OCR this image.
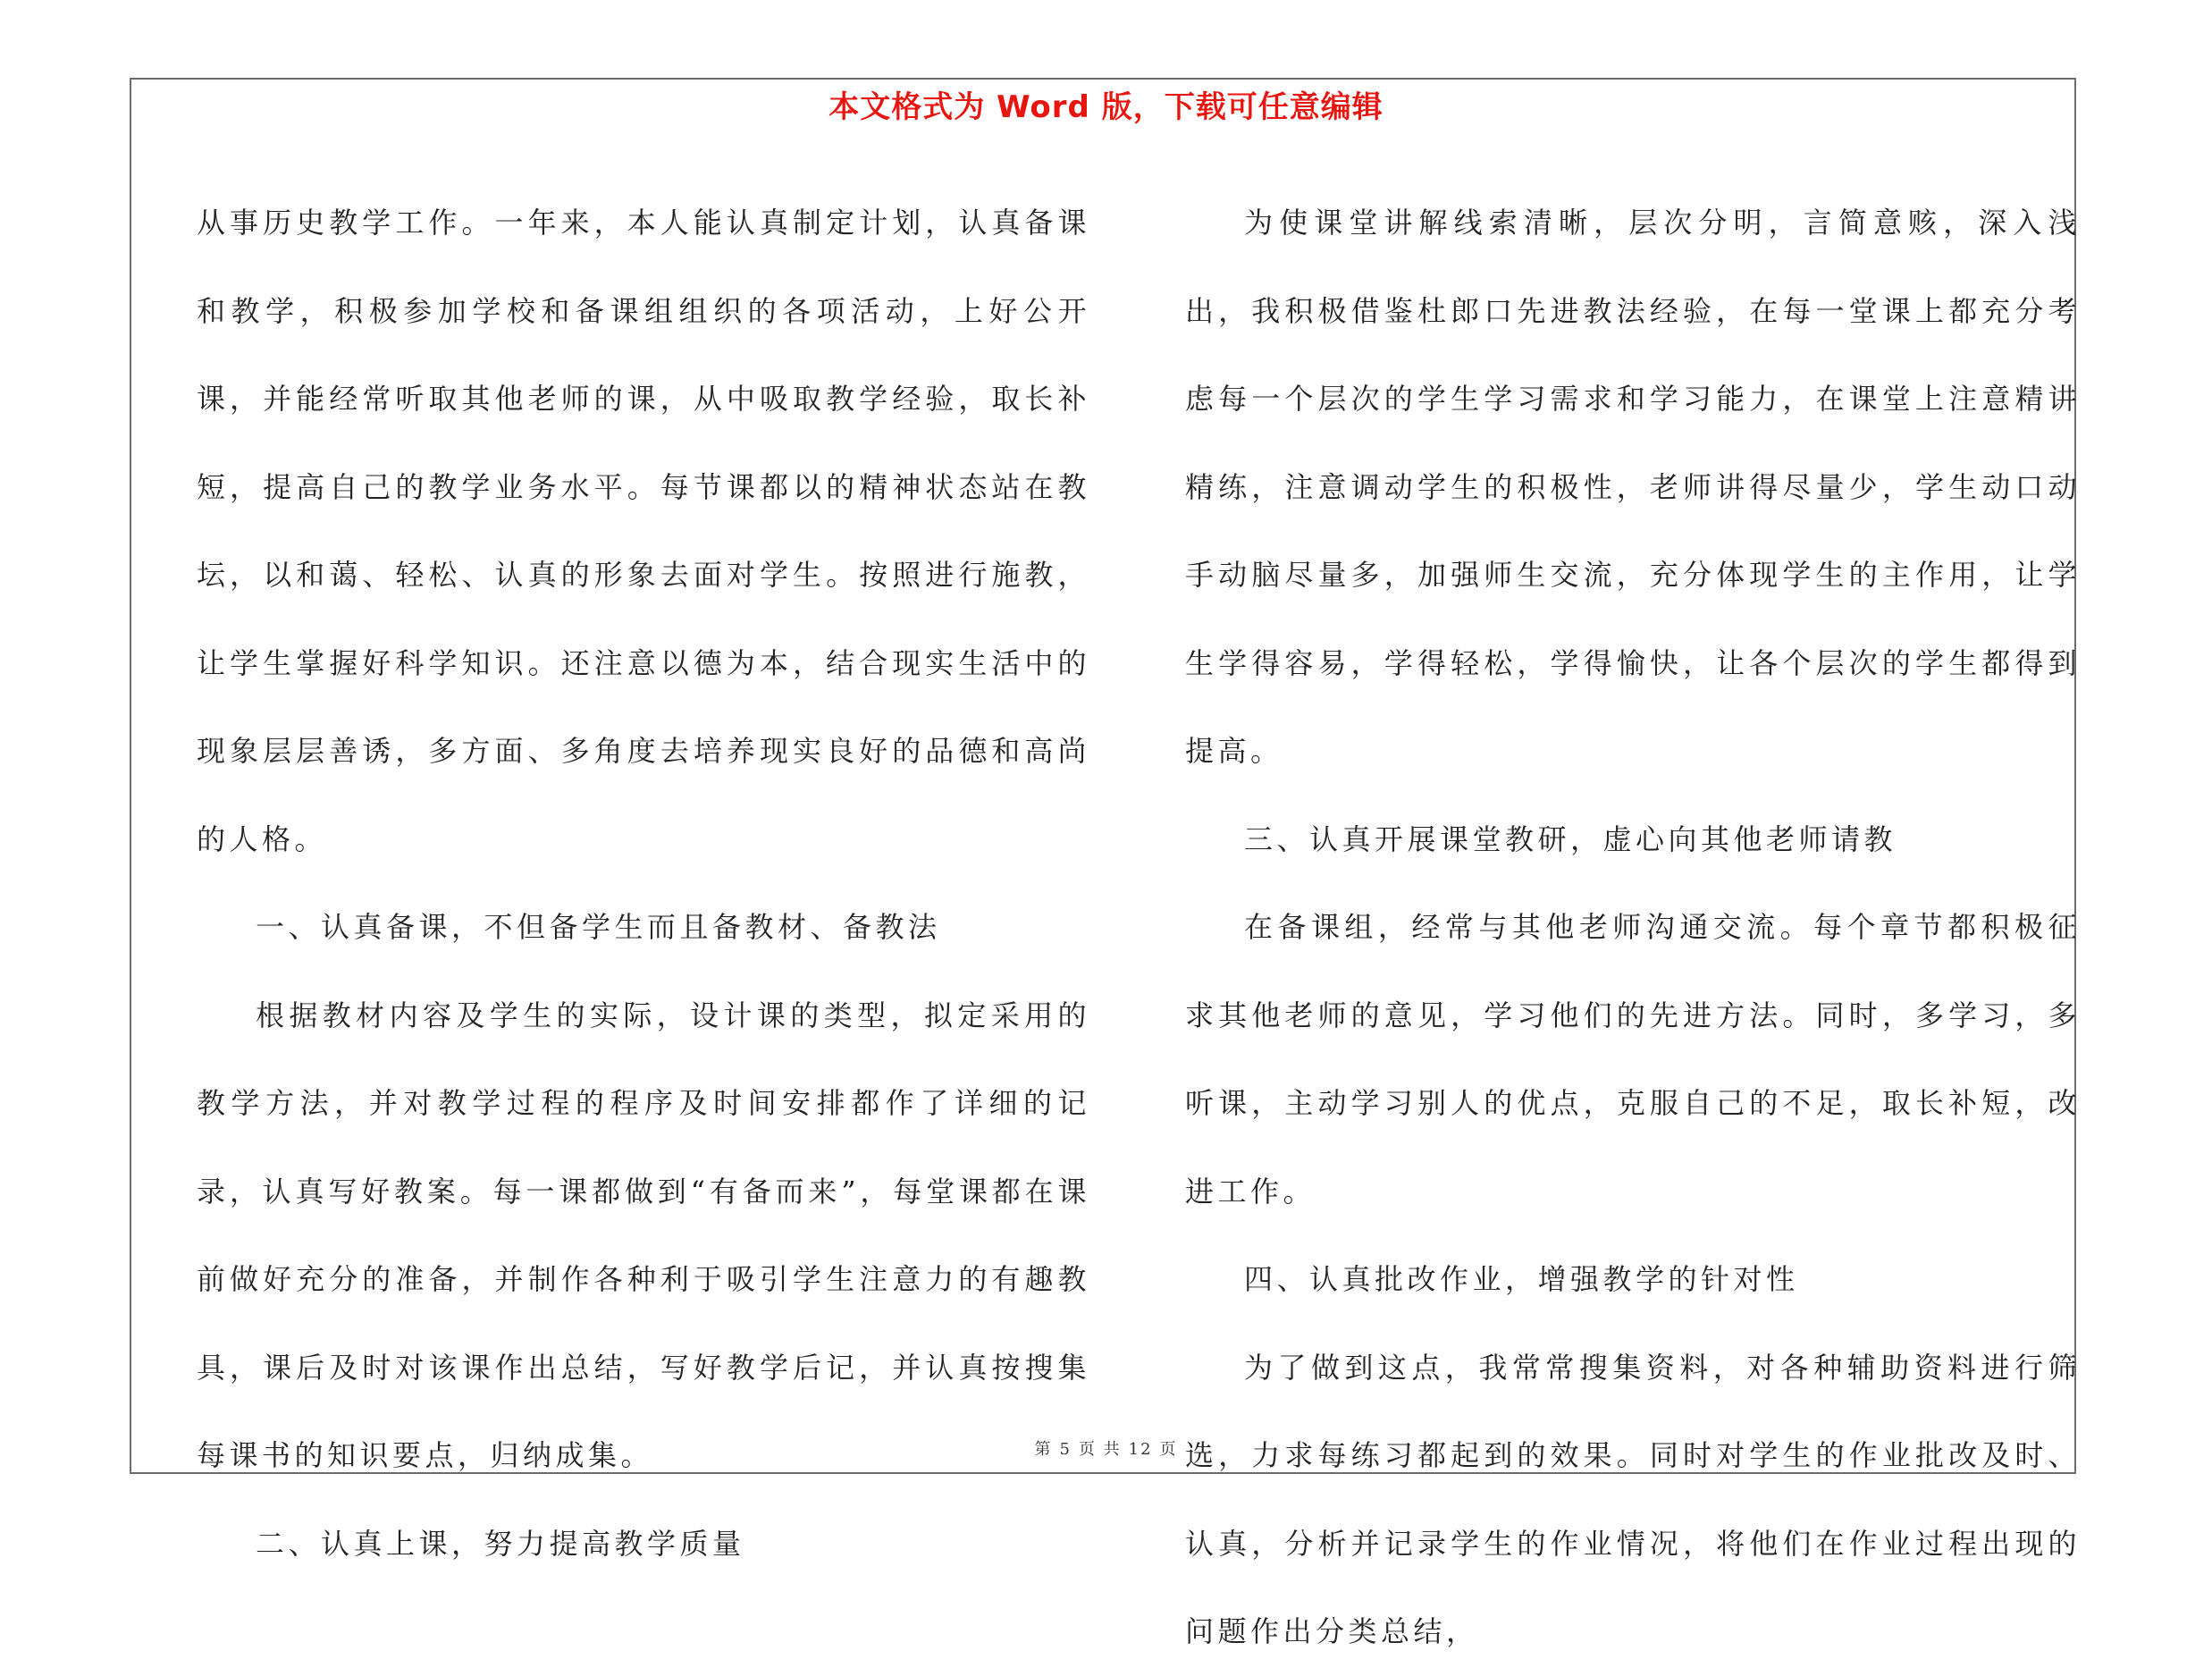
本文格式为 Word 版，下载可任意编辑

从事历史教学工作。一年来，本人能认真制定计划，认真备课和教学，积极参加学校和备课组组织的各项活动，上好公开课，并能经常听取其他老师的课，从中吸取教学经验，取长补短，提高自己的教学业务水平。每节课都以的精神状态站在教坛，以和蔼、轻松、认真的形象去面对学生。按照进行施教，让学生掌握好科学知识。还注意以德为本，结合现实生活中的现象层层善诱，多方面、多角度去培养现实良好的品德和高尚的人格。

一、认真备课，不但备学生而且备教材、备教法

根据教材内容及学生的实际，设计课的类型，拟定采用的教学方法，并对教学过程的程序及时间安排都作了详细的记录，认真写好教案。每一课都做到“有备而来”，每堂课都在课前做好充分的准备，并制作各种利于吸引学生注意力的有趣教具，课后及时对该课作出总结，写好教学后记，并认真按搜集每课书的知识要点，归纳成集。

二、认真上课，努力提高教学质量

为使课堂讲解线索清晰，层次分明，言简意赅，深入浅出，我积极借鉴杜郎口先进教法经验，在每一堂课上都充分考虑每一个层次的学生学习需求和学习能力，在课堂上注意精讲精练，注意调动学生的积极性，老师讲得尽量少，学生动口动手动脑尽量多，加强师生交流，充分体现学生的主作用，让学生学得容易，学得轻松，学得愉快，让各个层次的学生都得到提高。

三、认真开展课堂教研，虚心向其他老师请教

在备课组，经常与其他老师沟通交流。每个章节都积极征求其他老师的意见，学习他们的先进方法。同时，多学习，多听课，主动学习别人的优点，克服自己的不足，取长补短，改进工作。

四、认真批改作业，增强教学的针对性

为了做到这点，我常常搜集资料，对各种辅助资料进行筛选，力求每练习都起到的效果。同时对学生的作业批改及时、认真，分析并记录学生的作业情况，将他们在作业过程出现的问题作出分类总结，

第 5 页 共 12 页
